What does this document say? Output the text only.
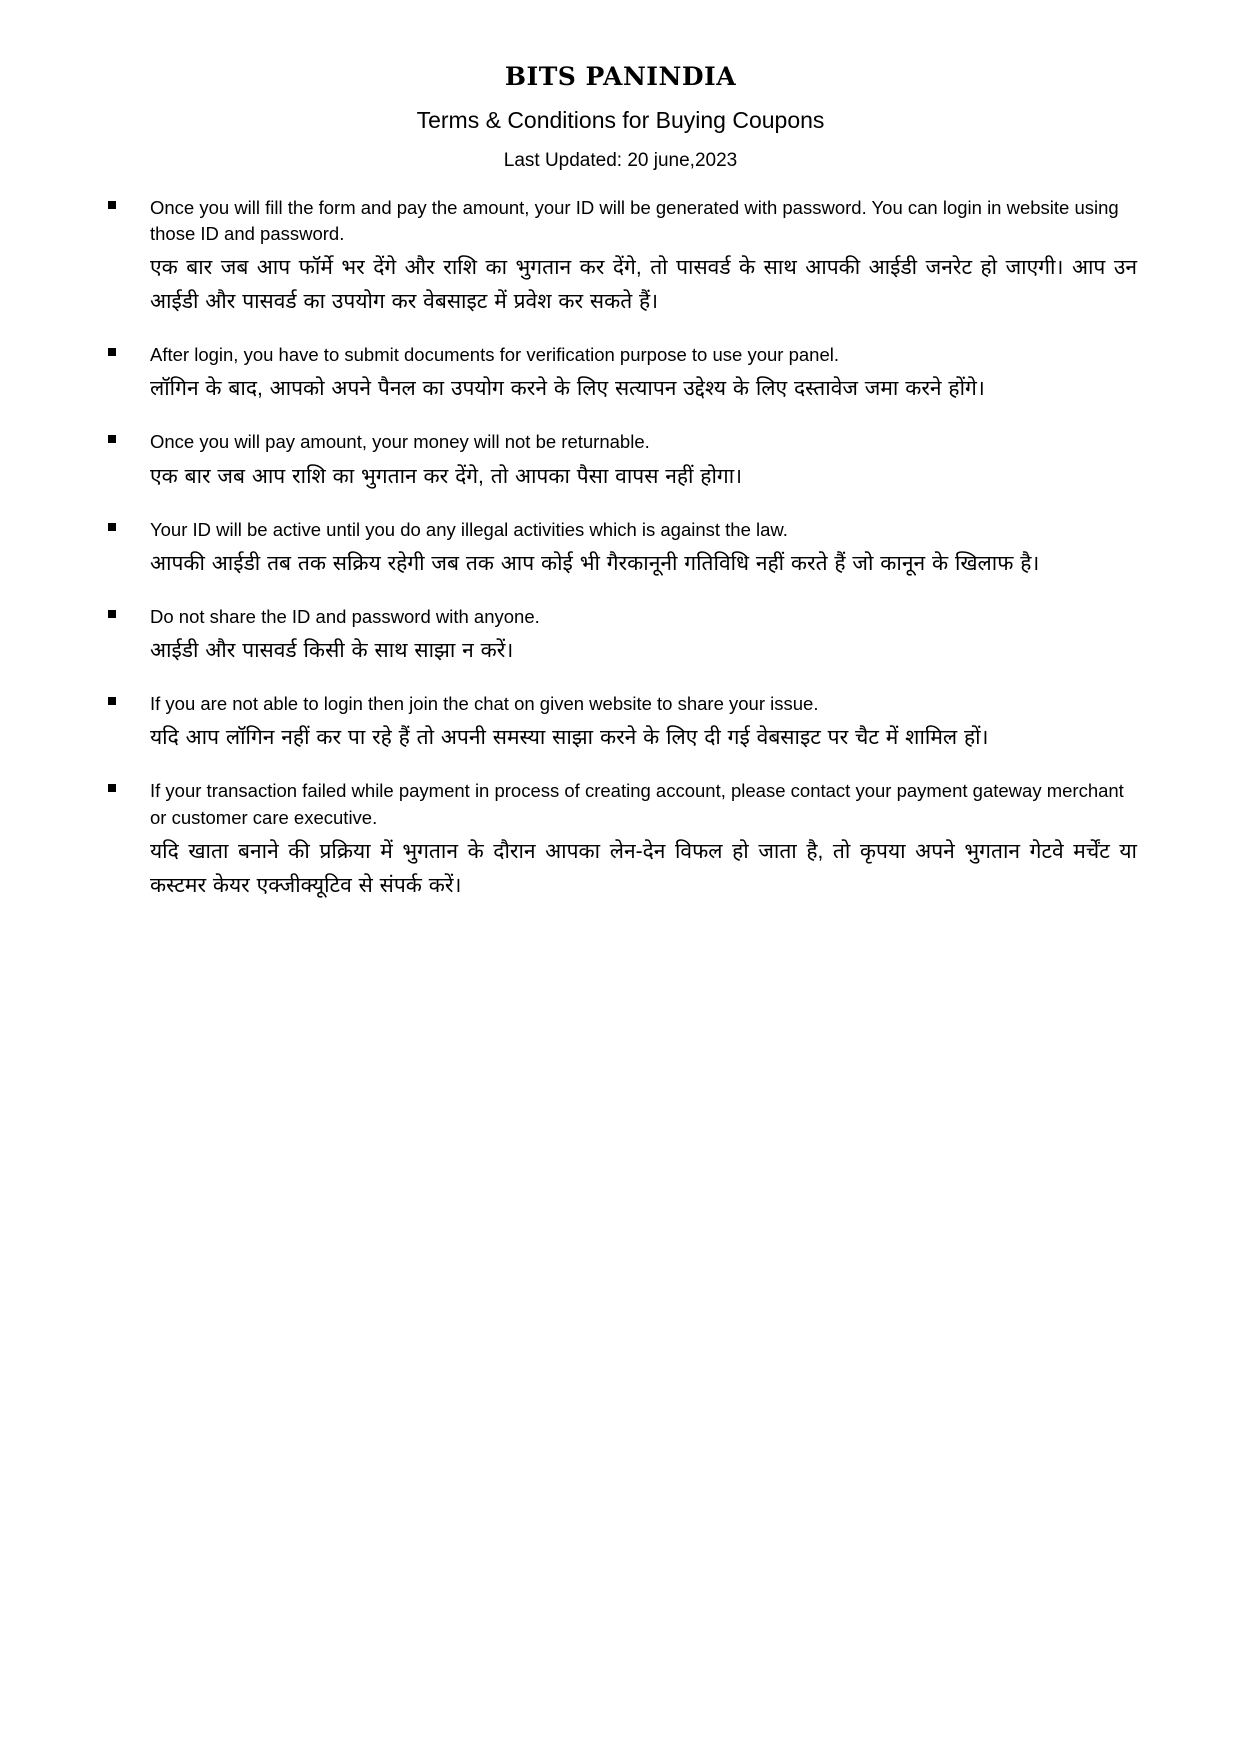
BITS PANINDIA
Terms & Conditions for Buying Coupons
Last Updated: 20 june,2023

Once you will fill the form and pay the amount, your ID will be generated with password. You can login in website using those ID and password.

एक बार जब आप फॉर्मे भर देंगे और राशि का भुगतान कर देंगे, तो पासवर्ड के साथ आपकी आईडी जनरेट हो जाएगी। आप उन आईडी और पासवर्ड का उपयोग कर वेबसाइट में प्रवेश कर सकते हैं।

After login, you have to submit documents for verification purpose to use your panel.

लॉगिन के बाद, आपको अपने पैनल का उपयोग करने के लिए सत्यापन उद्देश्य के लिए दस्तावेज जमा करने होंगे।

Once you will pay amount, your money will not be returnable.

एक बार जब आप राशि का भुगतान कर देंगे, तो आपका पैसा वापस नहीं होगा।

Your ID will be active until you do any illegal activities which is against the law.

आपकी आईडी तब तक सक्रिय रहेगी जब तक आप कोई भी गैरकानूनी गतिविधि नहीं करते हैं जो कानून के खिलाफ है।

Do not share the ID and password with anyone.

आईडी और पासवर्ड किसी के साथ साझा न करें।

If you are not able to login then join the chat on given website to share your issue.

यदि आप लॉगिन नहीं कर पा रहे हैं तो अपनी समस्या साझा करने के लिए दी गई वेबसाइट पर चैट में शामिल हों।

If your transaction failed while payment in process of creating account, please contact your payment gateway merchant or customer care executive.

यदि खाता बनाने की प्रक्रिया में भुगतान के दौरान आपका लेन-देन विफल हो जाता है, तो कृपया अपने भुगतान गेटवे मर्चेंट या कस्टमर केयर एक्जीक्यूटिव से संपर्क करें।
